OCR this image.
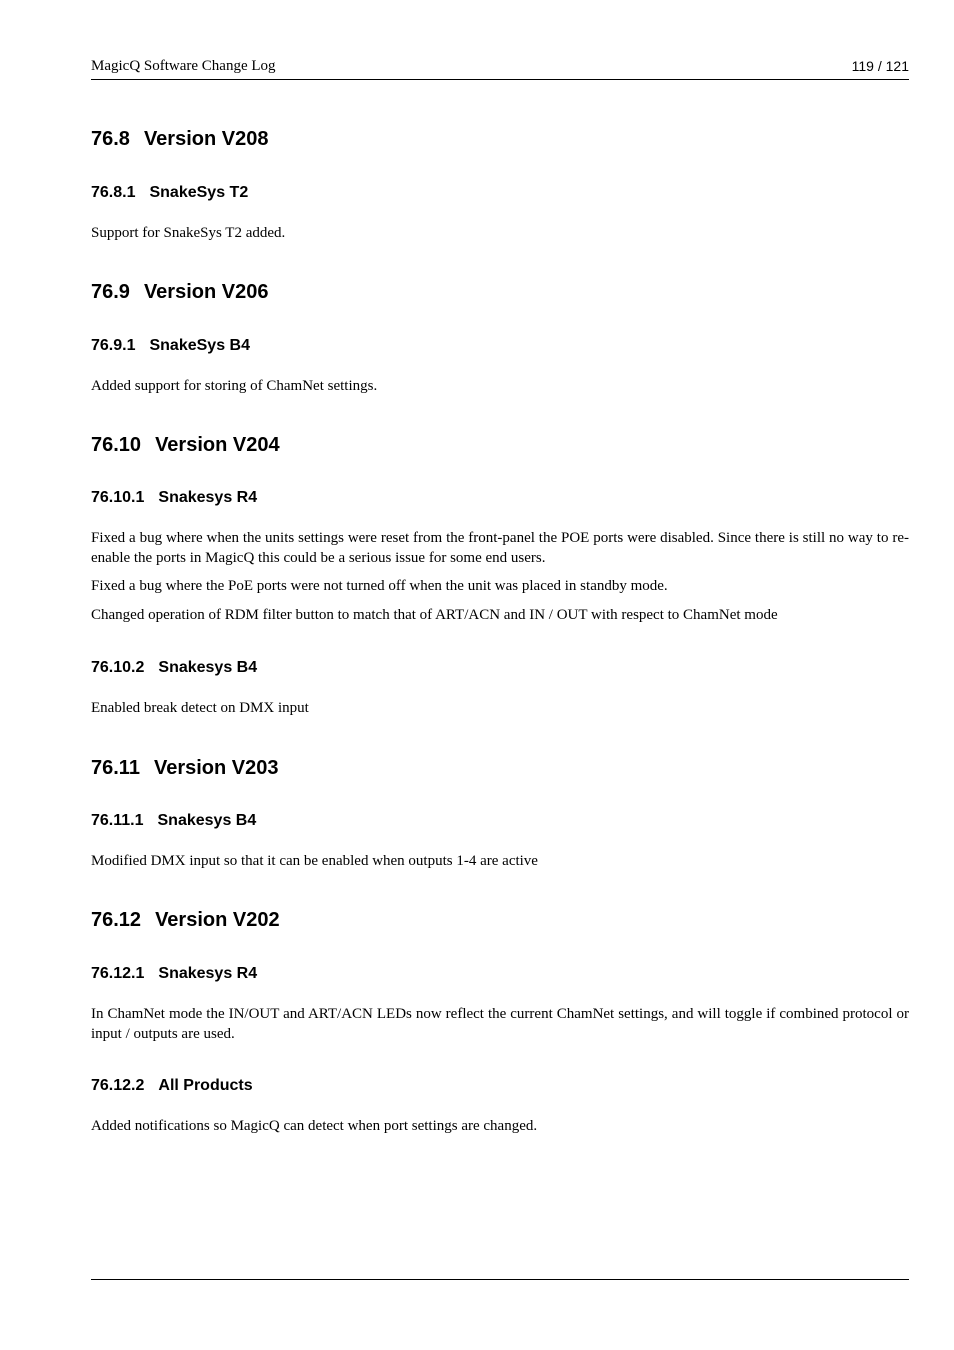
MagicQ Software Change Log	119 / 121
76.8 Version V208
76.8.1 SnakeSys T2
Support for SnakeSys T2 added.
76.9 Version V206
76.9.1 SnakeSys B4
Added support for storing of ChamNet settings.
76.10 Version V204
76.10.1 Snakesys R4
Fixed a bug where when the units settings were reset from the front-panel the POE ports were disabled. Since there is still no way to re-enable the ports in MagicQ this could be a serious issue for some end users.
Fixed a bug where the PoE ports were not turned off when the unit was placed in standby mode.
Changed operation of RDM filter button to match that of ART/ACN and IN / OUT with respect to ChamNet mode
76.10.2 Snakesys B4
Enabled break detect on DMX input
76.11 Version V203
76.11.1 Snakesys B4
Modified DMX input so that it can be enabled when outputs 1-4 are active
76.12 Version V202
76.12.1 Snakesys R4
In ChamNet mode the IN/OUT and ART/ACN LEDs now reflect the current ChamNet settings, and will toggle if combined protocol or input / outputs are used.
76.12.2 All Products
Added notifications so MagicQ can detect when port settings are changed.
